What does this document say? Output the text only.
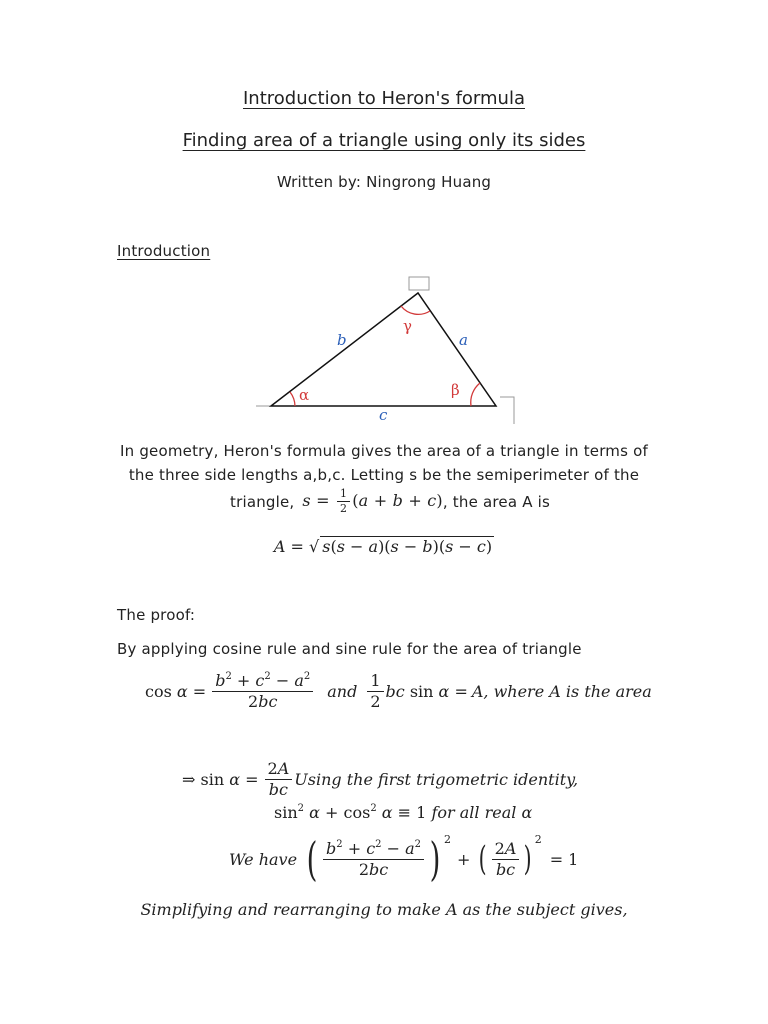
Introduction to Heron's formula
Finding area of a triangle using only its sides
Written by: Ningrong Huang
Introduction
b	a
c
α	β
γ
In geometry, Heron's formula gives the area of a triangle in terms of
the three side lengths a,b,c. Letting s be the semiperimeter of the
triangle, $s = \frac{1}{2} (a + b + c)$ , the area A is
A = √ s(s − a)(s − b)(s − c)
The proof:
By applying cosine rule and sine rule for the area of triangle
$\cos \alpha = \frac{b^2 + c^2 - a^2}{2bc}$ and $\frac{1}{2}$ bc sin α = A, where A is the area
⇒ $\sin \alpha = \frac{2A}{bc}$ Using the first trigometric identity,
$\sin^2 \alpha + \cos^2 \alpha \equiv 1$ for all real α
We have ( $\frac{b^2 + c^2 - a^2}{2bc}$ ) 2
+ ( $\frac{2A}{bc}$ ) 2
= 1
Simplifying and rearranging to make A as the subject gives,
